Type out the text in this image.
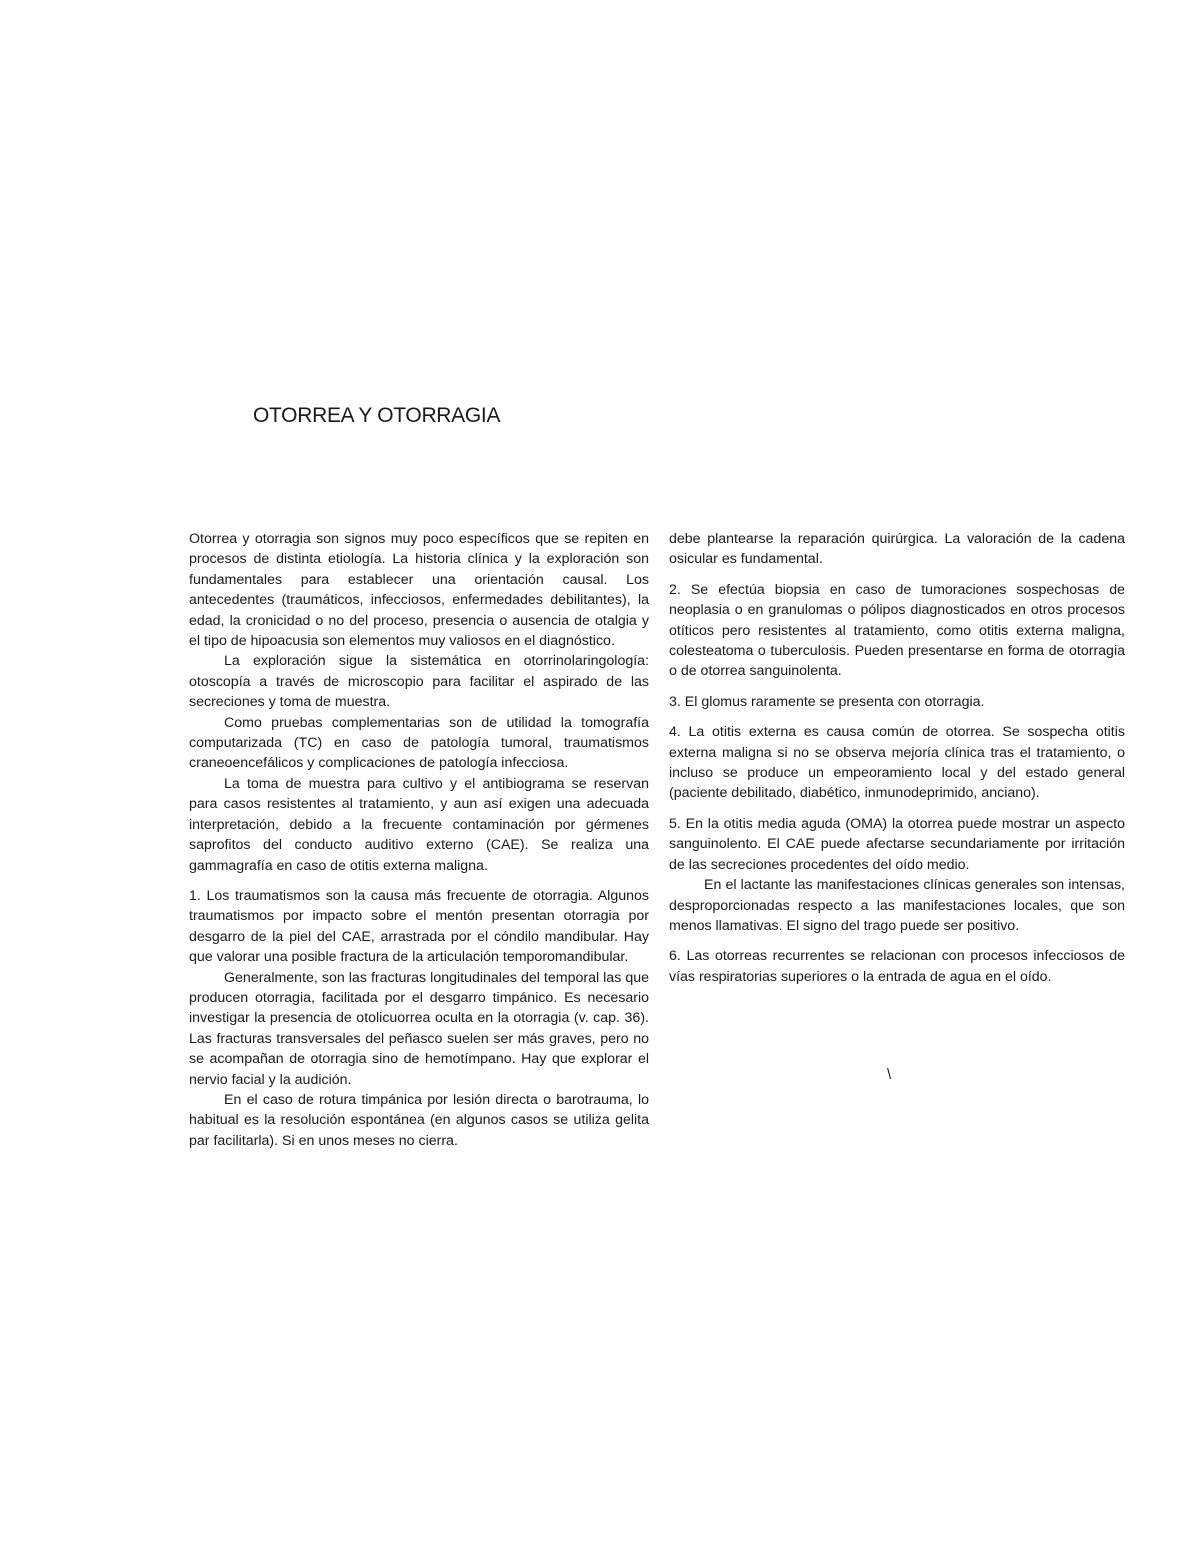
OTORREA Y OTORRAGIA

Otorrea y otorragia son signos muy poco específicos que se repiten en procesos de distinta etiología. La historia clínica y la exploración son fundamentales para establecer una orientación causal. Los antecedentes (traumáticos, infecciosos, enfermedades debilitantes), la edad, la cronicidad o no del proceso, presencia o ausencia de otalgia y el tipo de hipoacusia son elementos muy valiosos en el diagnóstico.

La exploración sigue la sistemática en otorrinolaringología: otoscopía a través de microscopio para facilitar el aspirado de las secreciones y toma de muestra.

Como pruebas complementarias son de utilidad la tomografía computarizada (TC) en caso de patología tumoral, traumatismos craneoencefálicos y complicaciones de patología infecciosa.

La toma de muestra para cultivo y el antibiograma se reservan para casos resistentes al tratamiento, y aun así exigen una adecuada interpretación, debido a la frecuente contaminación por gérmenes saprofitos del conducto auditivo externo (CAE). Se realiza una gammagrafía en caso de otitis externa maligna.

1. Los traumatismos son la causa más frecuente de otorragia. Algunos traumatismos por impacto sobre el mentón presentan otorragia por desgarro de la piel del CAE, arrastrada por el cóndilo mandibular. Hay que valorar una posible fractura de la articulación temporomandibular.

Generalmente, son las fracturas longitudinales del temporal las que producen otorragia, facilitada por el desgarro timpánico. Es necesario investigar la presencia de otolicuorrea oculta en la otorragia (v. cap. 36). Las fracturas transversales del peñasco suelen ser más graves, pero no se acompañan de otorragia sino de hemotímpano. Hay que explorar el nervio facial y la audición.

En el caso de rotura timpánica por lesión directa o barotrauma, lo habitual es la resolución espontánea (en algunos casos se utiliza gelita par facilitarla). Si en unos meses no cierra.

debe plantearse la reparación quirúrgica. La valoración de la cadena osicular es fundamental.

2. Se efectúa biopsia en caso de tumoraciones sospechosas de neoplasia o en granulomas o pólipos diagnosticados en otros procesos otíticos pero resistentes al tratamiento, como otitis externa maligna, colesteatoma o tuberculosis. Pueden presentarse en forma de otorragia o de otorrea sanguinolenta.

3. El glomus raramente se presenta con otorragia.

4. La otitis externa es causa común de otorrea. Se sospecha otitis externa maligna si no se observa mejoría clínica tras el tratamiento, o incluso se produce un empeoramiento local y del estado general (paciente debilitado, diabético, inmunodeprimido, anciano).

5. En la otitis media aguda (OMA) la otorrea puede mostrar un aspecto sanguinolento. El CAE puede afectarse secundariamente por irritación de las secreciones procedentes del oído medio.

En el lactante las manifestaciones clínicas generales son intensas, desproporcionadas respecto a las manifestaciones locales, que son menos llamativas. El signo del trago puede ser positivo.

6. Las otorreas recurrentes se relacionan con procesos infecciosos de vías respiratorias superiores o la entrada de agua en el oído.

\
